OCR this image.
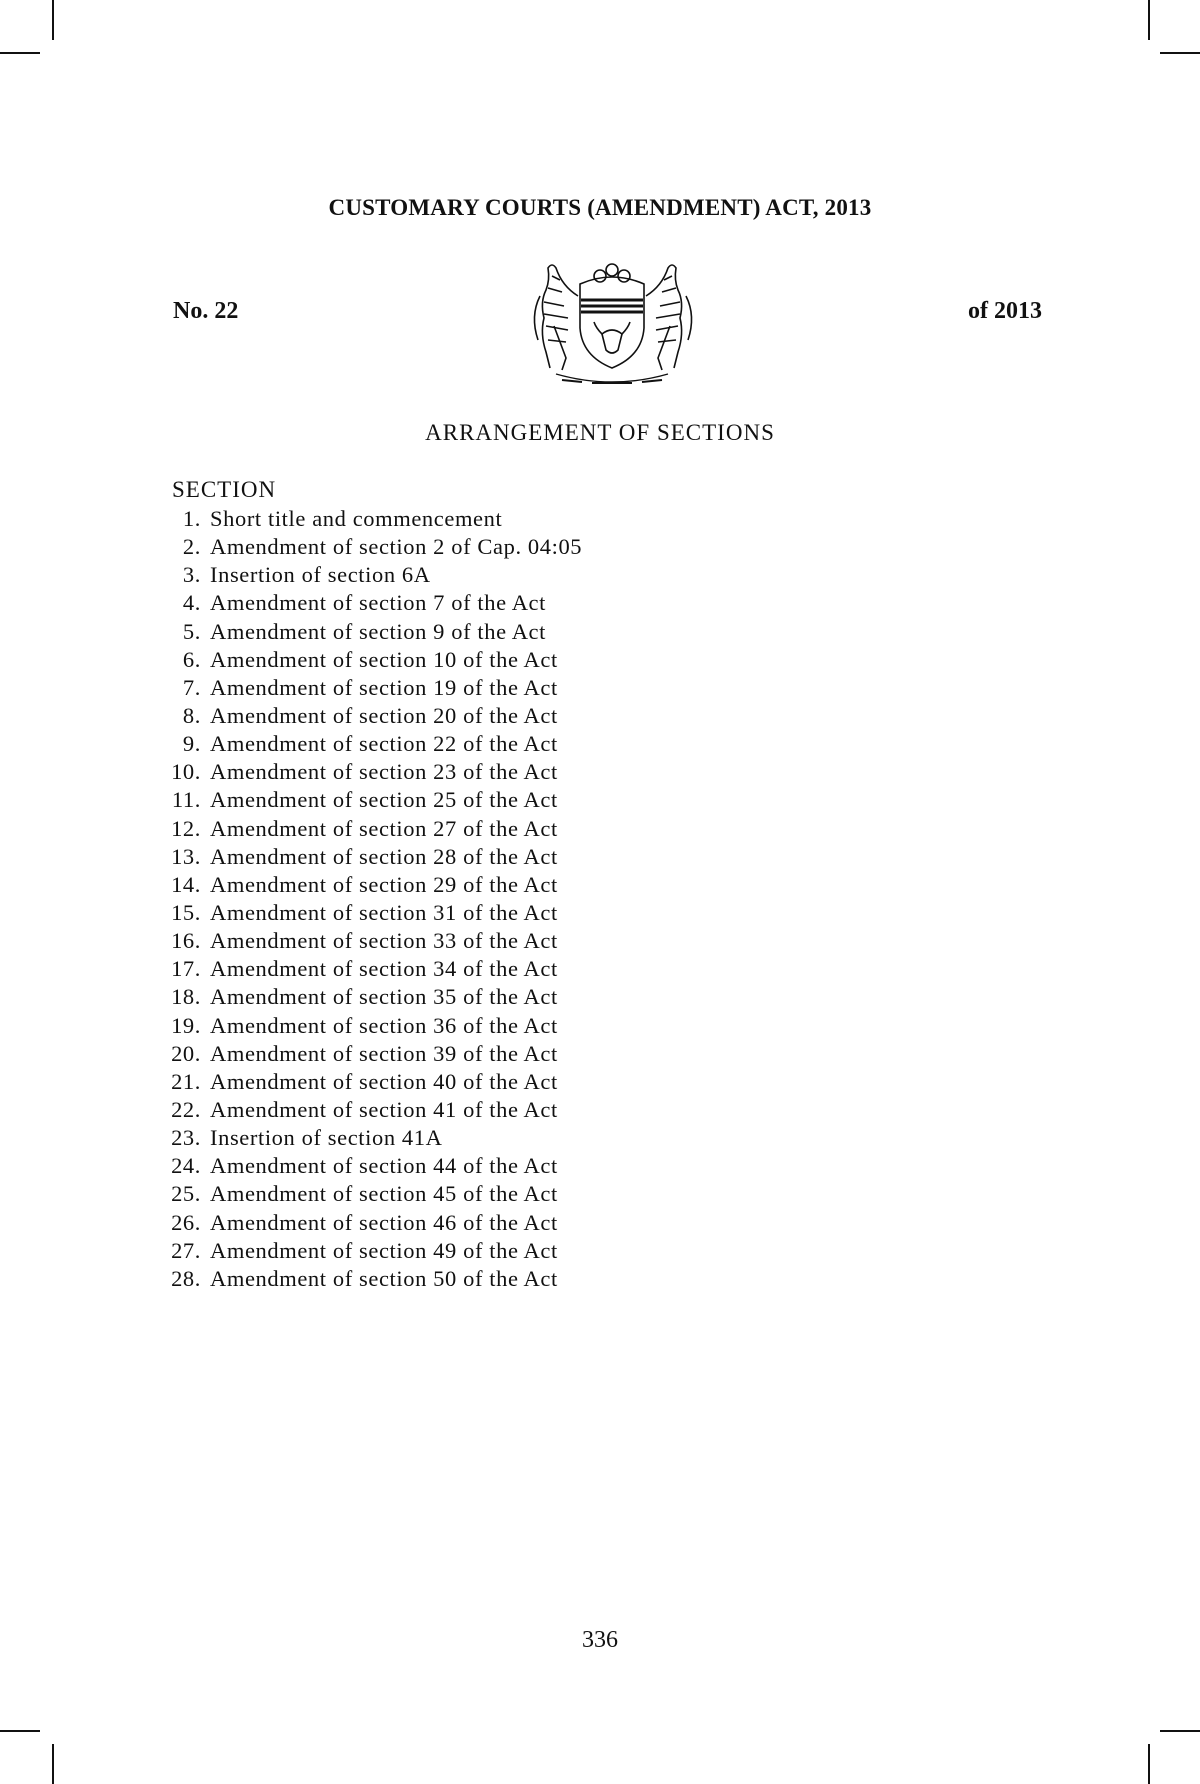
CUSTOMARY COURTS (AMENDMENT) ACT, 2013
No. 22	of 2013
ARRANGEMENT OF SECTIONS
SECTION
1. Short title and commencement
2. Amendment of section 2 of Cap. 04:05
3. Insertion of section 6A
4. Amendment of section 7 of the Act
5. Amendment of section 9 of the Act
6. Amendment of section 10 of the Act
7. Amendment of section 19 of the Act
8. Amendment of section 20 of the Act
9. Amendment of section 22 of the Act
10. Amendment of section 23 of the Act
11. Amendment of section 25 of the Act
12. Amendment of section 27 of the Act
13. Amendment of section 28 of the Act
14. Amendment of section 29 of the Act
15. Amendment of section 31 of the Act
16. Amendment of section 33 of the Act
17. Amendment of section 34 of the Act
18. Amendment of section 35 of the Act
19. Amendment of section 36 of the Act
20. Amendment of section 39 of the Act
21. Amendment of section 40 of the Act
22. Amendment of section 41 of the Act
23. Insertion of section 41A
24. Amendment of section 44 of the Act
25. Amendment of section 45 of the Act
26. Amendment of section 46 of the Act
27. Amendment of section 49 of the Act
28. Amendment of section 50 of the Act
336
